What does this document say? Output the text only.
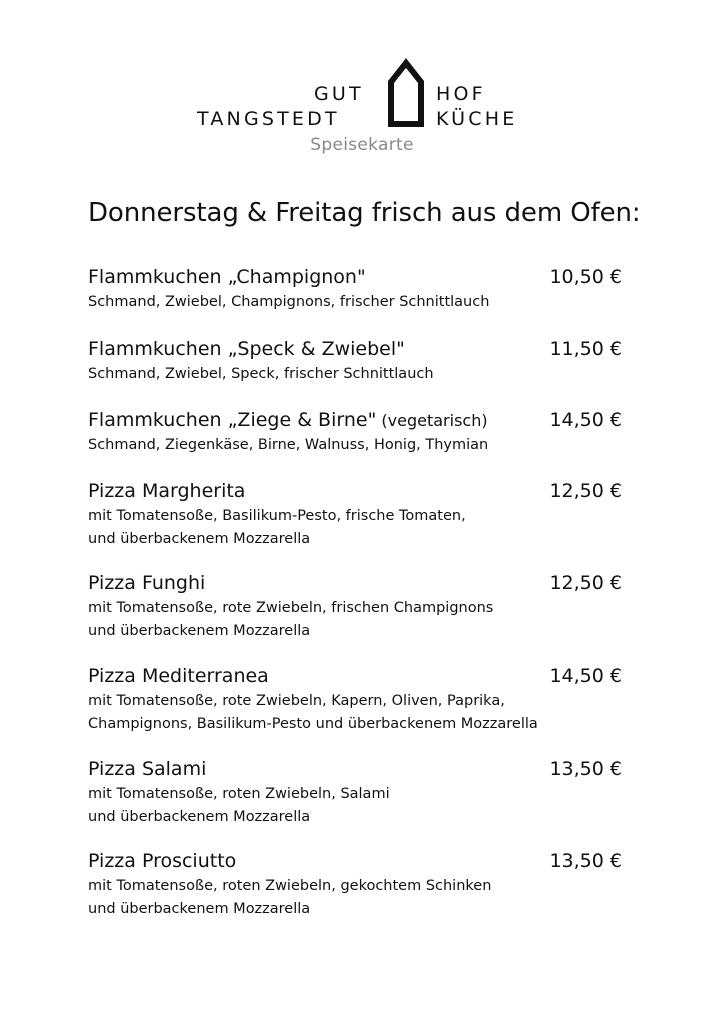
GUT
TANGSTEDT
HOF
KÜCHE
Speisekarte
Donnerstag & Freitag frisch aus dem Ofen:
Flammkuchen „Champignon"	10,50 €
Schmand, Zwiebel, Champignons, frischer Schnittlauch
Flammkuchen „Speck & Zwiebel"	11,50 €
Schmand, Zwiebel, Speck, frischer Schnittlauch
Flammkuchen „Ziege & Birne" (vegetarisch)	14,50 €
Schmand, Ziegenkäse, Birne, Walnuss, Honig, Thymian
Pizza Margherita	12,50 €
mit Tomatensoße, Basilikum-Pesto, frische Tomaten,
und überbackenem Mozzarella
Pizza Funghi	12,50 €
mit Tomatensoße, rote Zwiebeln, frischen Champignons
und überbackenem Mozzarella
Pizza Mediterranea	14,50 €
mit Tomatensoße, rote Zwiebeln, Kapern, Oliven, Paprika,
Champignons, Basilikum-Pesto und überbackenem Mozzarella
Pizza Salami	13,50 €
mit Tomatensoße, roten Zwiebeln, Salami
und überbackenem Mozzarella
Pizza Prosciutto	13,50 €
mit Tomatensoße, roten Zwiebeln, gekochtem Schinken
und überbackenem Mozzarella
